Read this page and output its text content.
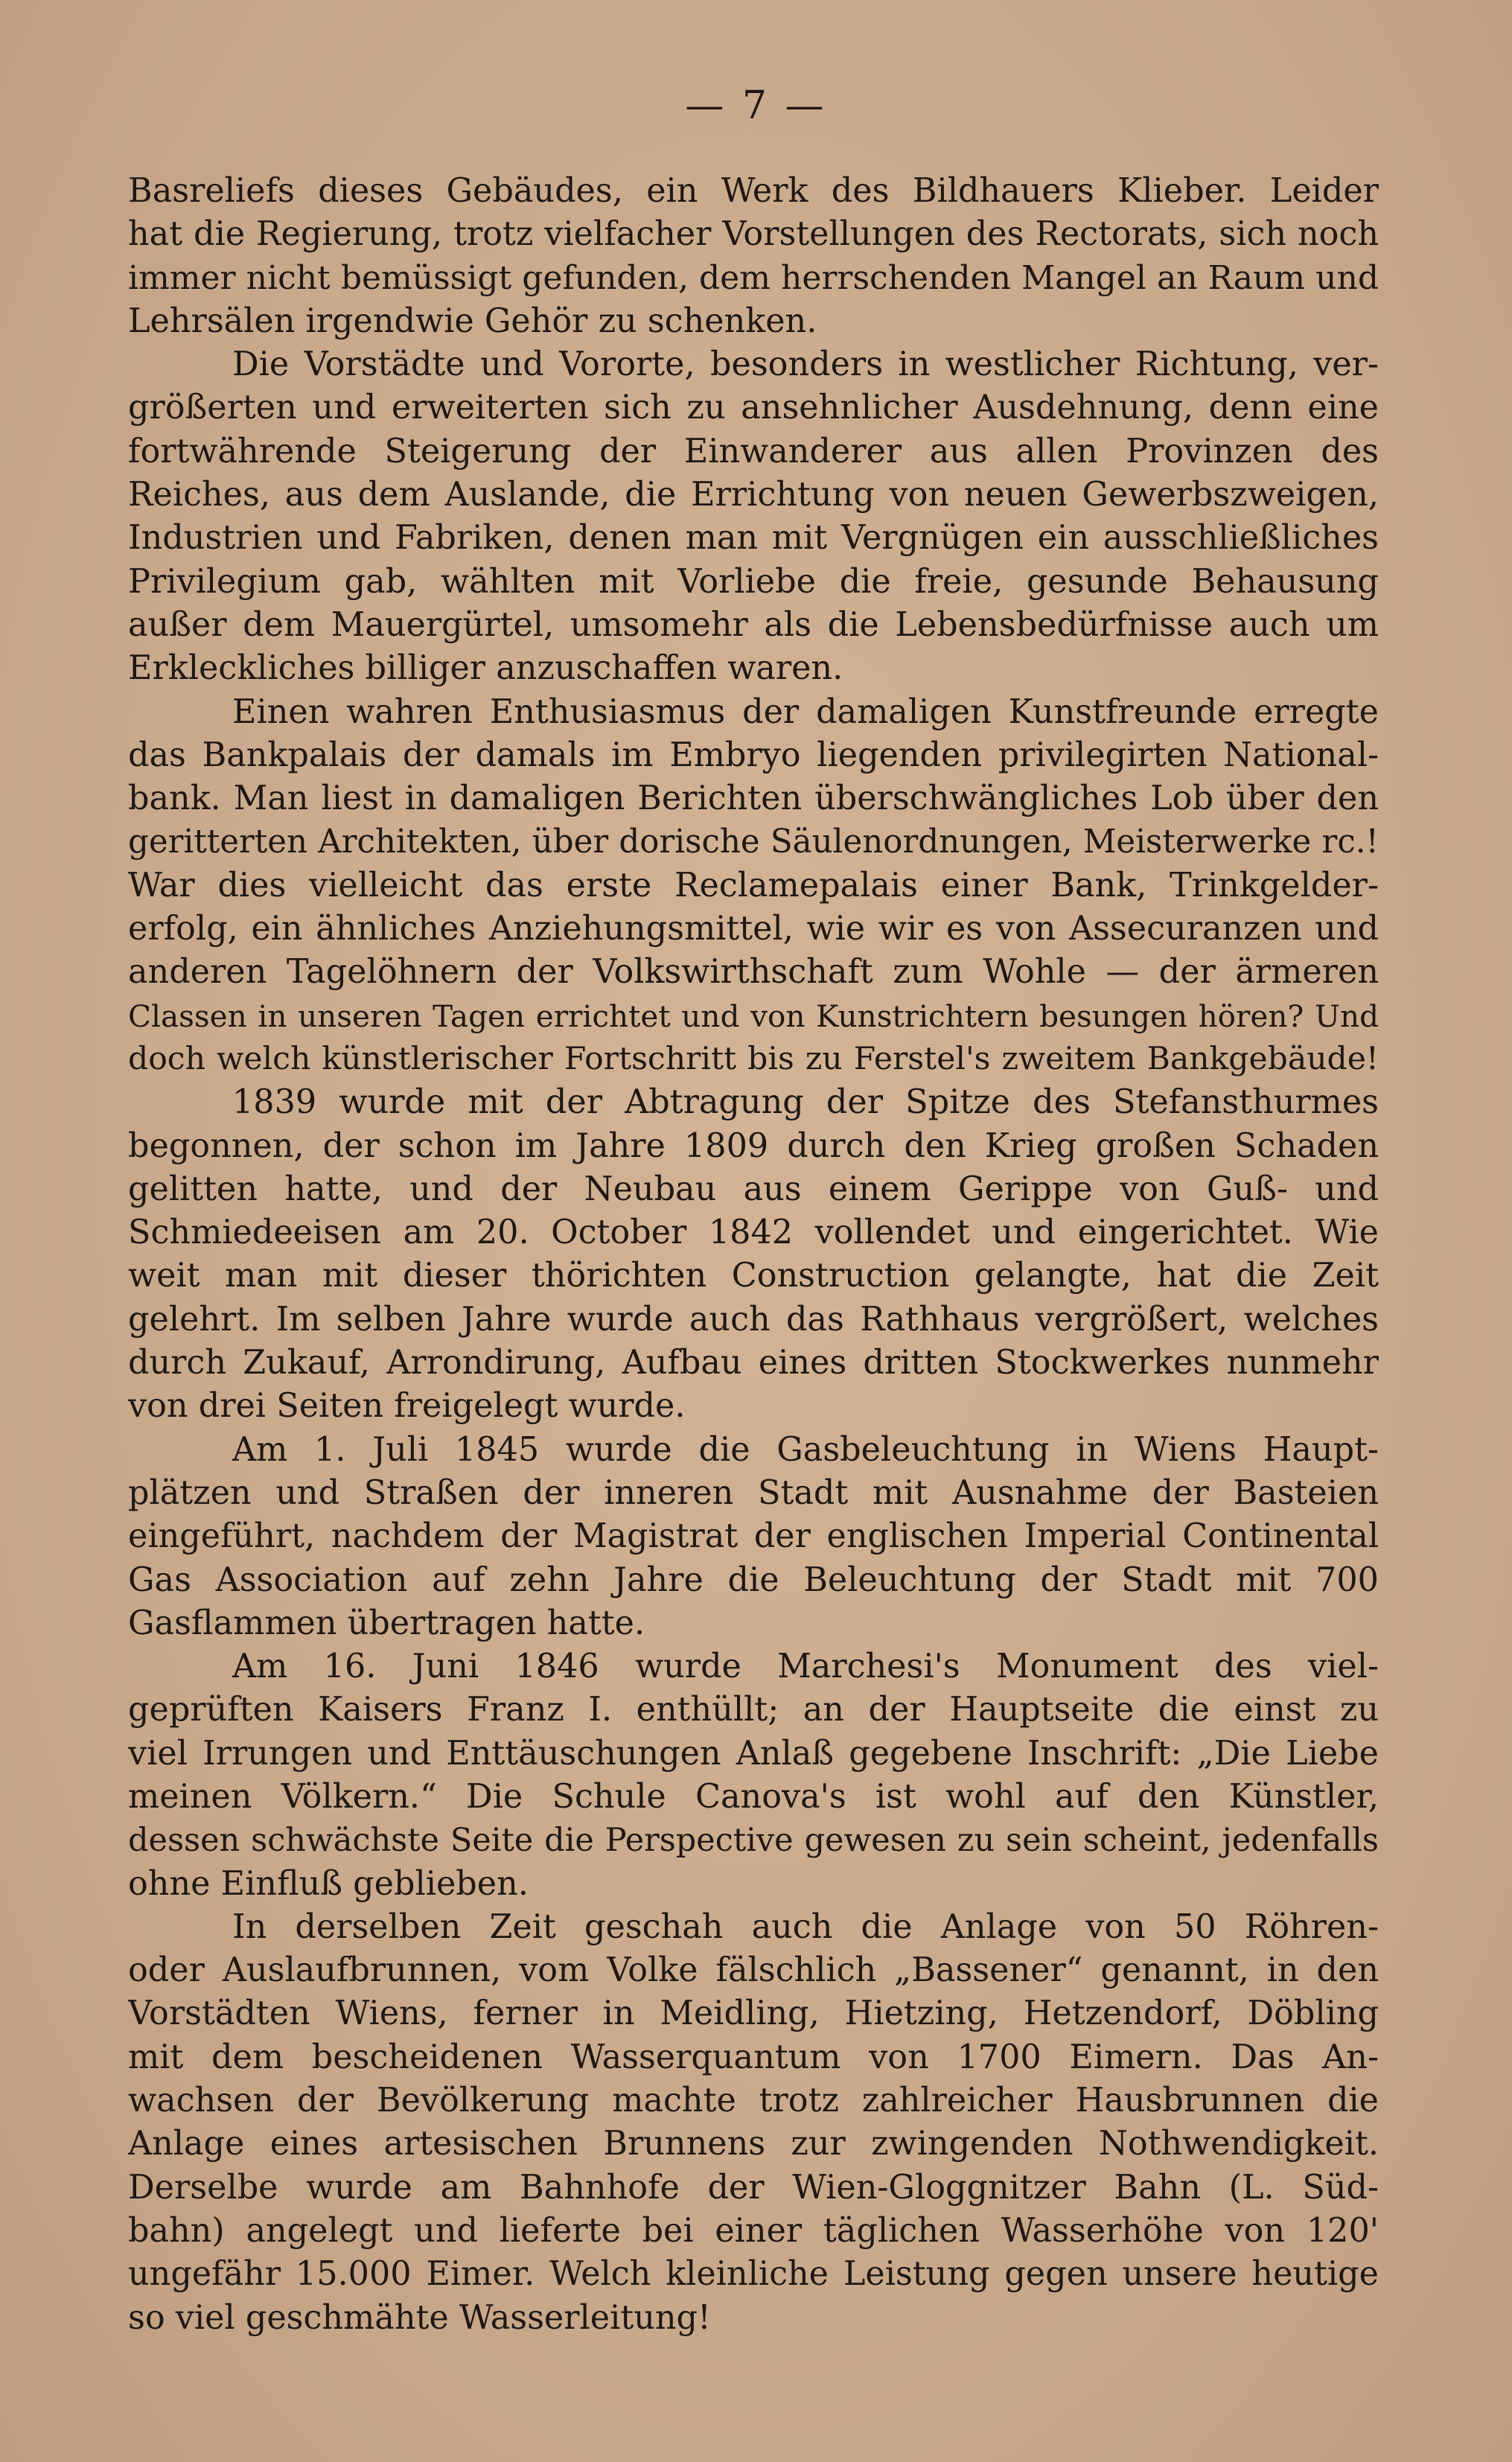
— 7 —
Basreliefs dieses Gebäudes, ein Werk des Bildhauers Klieber. Leider
hat die Regierung, trotz vielfacher Vorstellungen des Rectorats, sich noch
immer nicht bemüssigt gefunden, dem herrschenden Mangel an Raum und
Lehrsälen irgendwie Gehör zu schenken.
Die Vorstädte und Vororte, besonders in westlicher Richtung, ver-
größerten und erweiterten sich zu ansehnlicher Ausdehnung, denn eine
fortwährende Steigerung der Einwanderer aus allen Provinzen des
Reiches, aus dem Auslande, die Errichtung von neuen Gewerbszweigen,
Industrien und Fabriken, denen man mit Vergnügen ein ausschließliches
Privilegium gab, wählten mit Vorliebe die freie, gesunde Behausung
außer dem Mauergürtel, umsomehr als die Lebensbedürfnisse auch um
Erkleckliches billiger anzuschaffen waren.
Einen wahren Enthusiasmus der damaligen Kunstfreunde erregte
das Bankpalais der damals im Embryo liegenden privilegirten National-
bank. Man liest in damaligen Berichten überschwängliches Lob über den
geritterten Architekten, über dorische Säulenordnungen, Meisterwerke rc.!
War dies vielleicht das erste Reclamepalais einer Bank, Trinkgelder-
erfolg, ein ähnliches Anziehungsmittel, wie wir es von Assecuranzen und
anderen Tagelöhnern der Volkswirthschaft zum Wohle — der ärmeren
Classen in unseren Tagen errichtet und von Kunstrichtern besungen hören? Und
doch welch künstlerischer Fortschritt bis zu Ferstel's zweitem Bankgebäude!
1839 wurde mit der Abtragung der Spitze des Stefansthurmes
begonnen, der schon im Jahre 1809 durch den Krieg großen Schaden
gelitten hatte, und der Neubau aus einem Gerippe von Guß- und
Schmiedeeisen am 20. October 1842 vollendet und eingerichtet. Wie
weit man mit dieser thörichten Construction gelangte, hat die Zeit
gelehrt. Im selben Jahre wurde auch das Rathhaus vergrößert, welches
durch Zukauf, Arrondirung, Aufbau eines dritten Stockwerkes nunmehr
von drei Seiten freigelegt wurde.
Am 1. Juli 1845 wurde die Gasbeleuchtung in Wiens Haupt-
plätzen und Straßen der inneren Stadt mit Ausnahme der Basteien
eingeführt, nachdem der Magistrat der englischen Imperial Continental
Gas Association auf zehn Jahre die Beleuchtung der Stadt mit 700
Gasflammen übertragen hatte.
Am 16. Juni 1846 wurde Marchesi's Monument des viel-
geprüften Kaisers Franz I. enthüllt; an der Hauptseite die einst zu
viel Irrungen und Enttäuschungen Anlaß gegebene Inschrift: „Die Liebe
meinen Völkern.“ Die Schule Canova's ist wohl auf den Künstler,
dessen schwächste Seite die Perspective gewesen zu sein scheint, jedenfalls
ohne Einfluß geblieben.
In derselben Zeit geschah auch die Anlage von 50 Röhren-
oder Auslaufbrunnen, vom Volke fälschlich „Bassener“ genannt, in den
Vorstädten Wiens, ferner in Meidling, Hietzing, Hetzendorf, Döbling
mit dem bescheidenen Wasserquantum von 1700 Eimern. Das An-
wachsen der Bevölkerung machte trotz zahlreicher Hausbrunnen die
Anlage eines artesischen Brunnens zur zwingenden Nothwendigkeit.
Derselbe wurde am Bahnhofe der Wien-Gloggnitzer Bahn (L. Süd-
bahn) angelegt und lieferte bei einer täglichen Wasserhöhe von 120'
ungefähr 15.000 Eimer. Welch kleinliche Leistung gegen unsere heutige
so viel geschmähte Wasserleitung!
